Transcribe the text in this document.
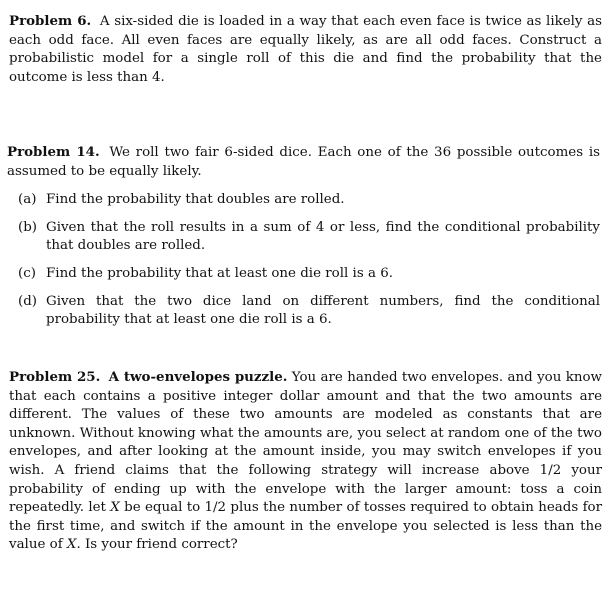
Problem 6. A six-sided die is loaded in a way that each even face is twice as likely as each odd face. All even faces are equally likely, as are all odd faces. Construct a probabilistic model for a single roll of this die and find the probability that the outcome is less than 4.
Problem 14. We roll two fair 6-sided dice. Each one of the 36 possible outcomes is assumed to be equally likely.
(a) Find the probability that doubles are rolled.
(b) Given that the roll results in a sum of 4 or less, find the conditional probability that doubles are rolled.
(c) Find the probability that at least one die roll is a 6.
(d) Given that the two dice land on different numbers, find the conditional probability that at least one die roll is a 6.
Problem 25. A two-envelopes puzzle. You are handed two envelopes. and you know that each contains a positive integer dollar amount and that the two amounts are different. The values of these two amounts are modeled as constants that are unknown. Without knowing what the amounts are, you select at random one of the two envelopes, and after looking at the amount inside, you may switch envelopes if you wish. A friend claims that the following strategy will increase above 1/2 your probability of ending up with the envelope with the larger amount: toss a coin repeatedly. let X be equal to 1/2 plus the number of tosses required to obtain heads for the first time, and switch if the amount in the envelope you selected is less than the value of X. Is your friend correct?
